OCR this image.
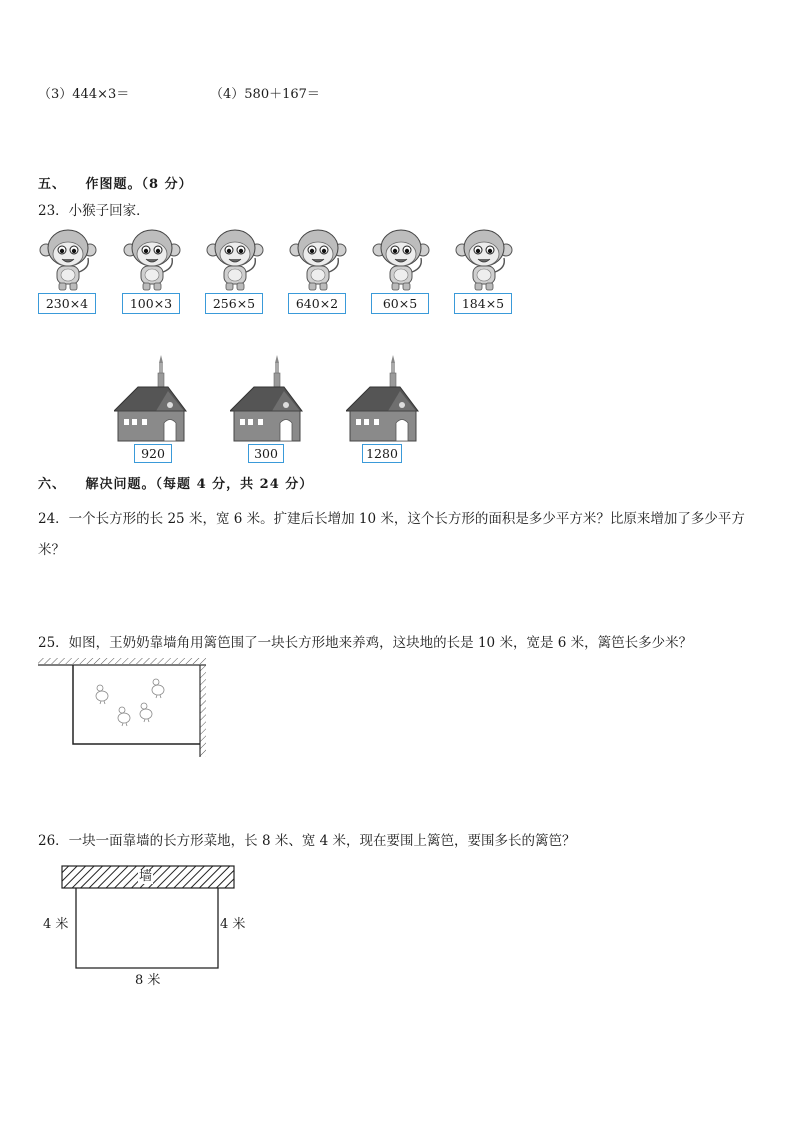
（3）444×3＝	（4）580＋167＝
五、 作图题。（8 分）
23．小猴子回家．
230×4	100×3	256×5	640×2	60×5	184×5
920	300	1280
六、 解决问题。（每题 4 分，共 24 分）
24．一个长方形的长 25 米，宽 6 米。扩建后长增加 10 米，这个长方形的面积是多少平方米？比原来增加了多少平方
米？
25．如图，王奶奶靠墙角用篱笆围了一块长方形地来养鸡，这块地的长是 10 米，宽是 6 米，篱笆长多少米？
26．一块一面靠墙的长方形菜地，长 8 米、宽 4 米，现在要围上篱笆，要围多长的篱笆？
墙
4 米	4 米
8 米
